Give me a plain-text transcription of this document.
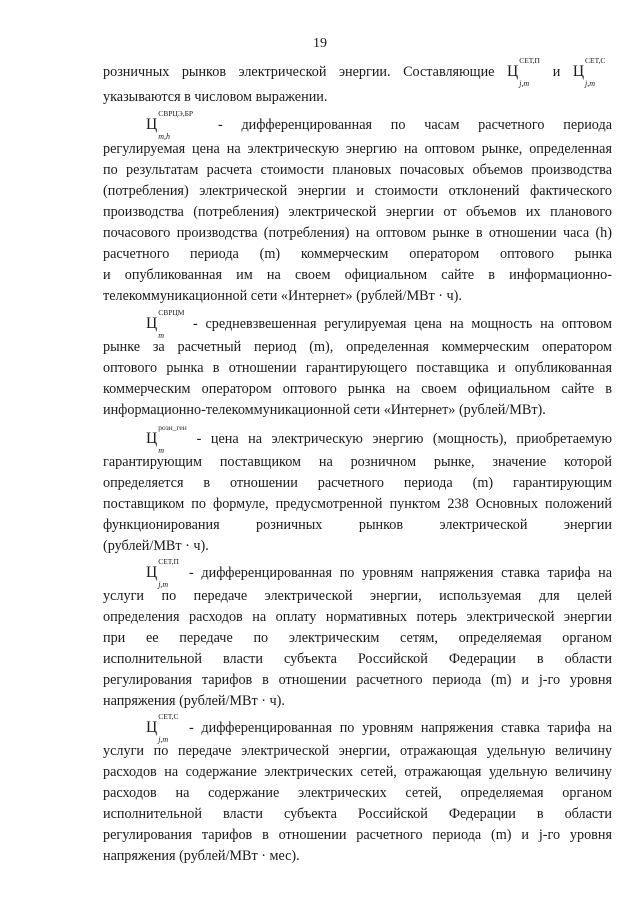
19
розничных рынков электрической энергии. Составляющие Ц
СЕТ,П
j,m
и Ц
СЕТ,С
j,m
указываются в числовом выражении.
Ц
СВРЦЭ,БР
m,h
- дифференцированная по часам расчетного периода
регулируемая цена на электрическую энергию на оптовом рынке, определенная
по результатам расчета стоимости плановых почасовых объемов производства
(потребления) электрической энергии и стоимости отклонений фактического
производства (потребления) электрической энергии от объемов их планового
почасового производства (потребления) на оптовом рынке в отношении часа (h)
расчетного периода (m) коммерческим оператором оптового рынка
и опубликованная им на своем официальном сайте в информационно-
телекоммуникационной сети «Интернет» (рублей/МВт · ч).
Ц
СВРЦМ
m
- средневзвешенная регулируемая цена на мощность на оптовом
рынке за расчетный период (m), определенная коммерческим оператором
оптового рынка в отношении гарантирующего поставщика и опубликованная
коммерческим оператором оптового рынка на своем официальном сайте в
информационно-телекоммуникационной сети «Интернет» (рублей/МВт).
Ц
розн_ген
m
- цена на электрическую энергию (мощность), приобретаемую
гарантирующим поставщиком на розничном рынке, значение которой
определяется в отношении расчетного периода (m) гарантирующим
поставщиком по формуле, предусмотренной пунктом 238 Основных положений
функционирования розничных рынков электрической энергии
(рублей/МВт · ч).
Ц
СЕТ,П
j,m
- дифференцированная по уровням напряжения ставка тарифа на
услуги по передаче электрической энергии, используемая для целей
определения расходов на оплату нормативных потерь электрической энергии
при ее передаче по электрическим сетям, определяемая органом
исполнительной власти субъекта Российской Федерации в области
регулирования тарифов в отношении расчетного периода (m) и j-го уровня
напряжения (рублей/МВт · ч).
Ц
СЕТ,С
j,m
- дифференцированная по уровням напряжения ставка тарифа на
услуги по передаче электрической энергии, отражающая удельную величину
расходов на содержание электрических сетей, отражающая удельную величину
расходов на содержание электрических сетей, определяемая органом
исполнительной власти субъекта Российской Федерации в области
регулирования тарифов в отношении расчетного периода (m) и j-го уровня
напряжения (рублей/МВт · мес).
